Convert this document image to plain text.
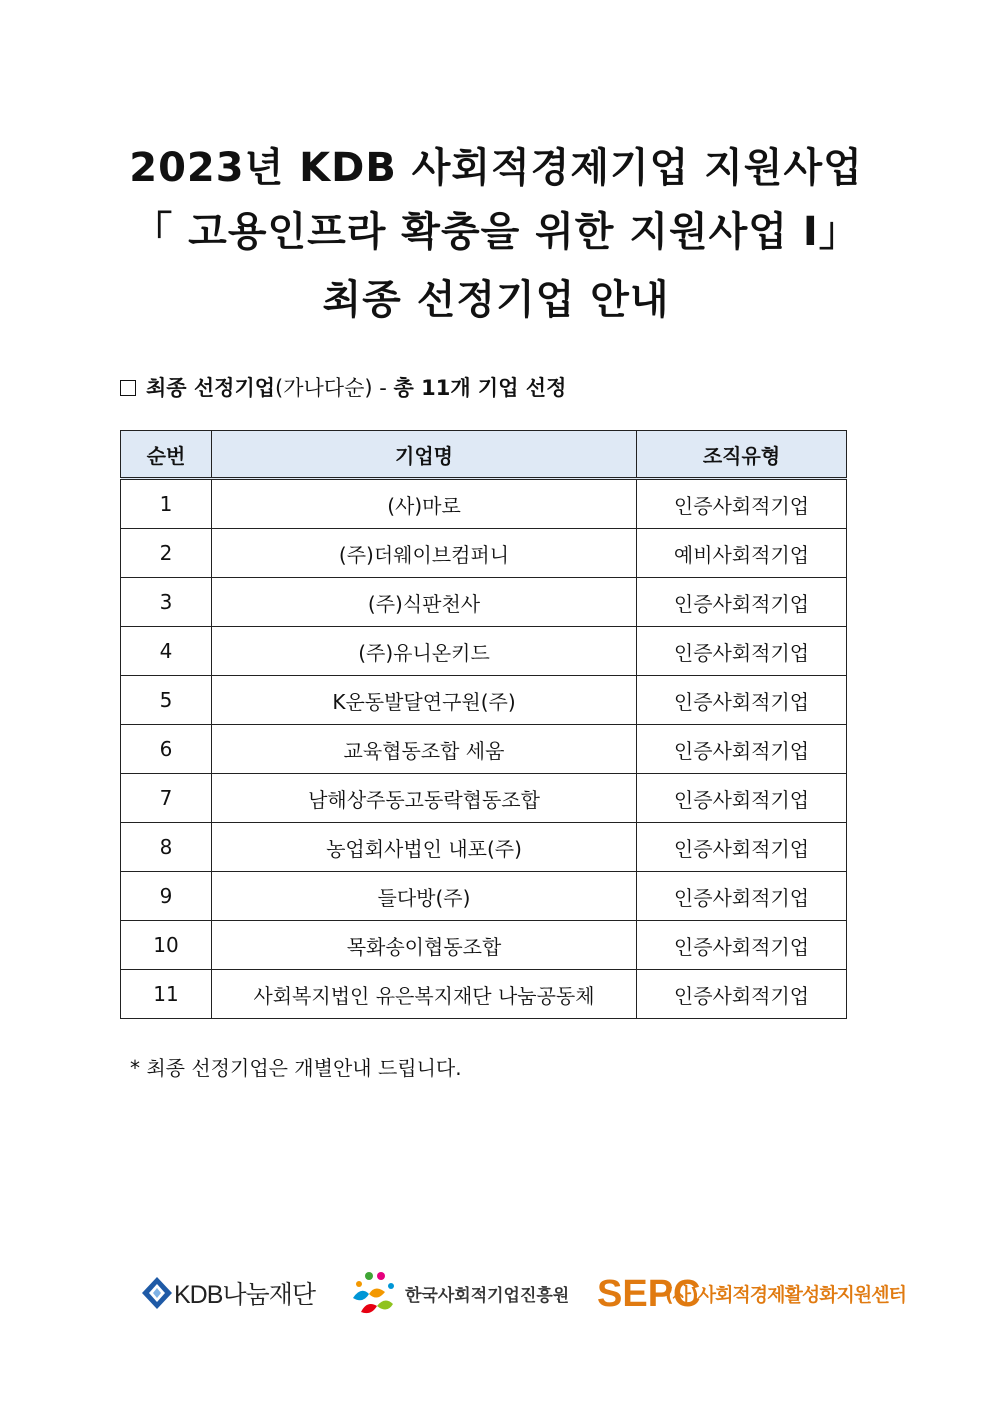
2023년 KDB 사회적경제기업 지원사업
「 고용인프라 확충을 위한 지원사업 Ⅰ」
최종 선정기업 안내
최종 선정기업(가나다순) - 총 11개 기업 선정
순번	기업명	조직유형
1	(사)마로	인증사회적기업
2	(주)더웨이브컴퍼니	예비사회적기업
3	(주)식판천사	인증사회적기업
4	(주)유니온키드	인증사회적기업
5	K운동발달연구원(주)	인증사회적기업
6	교육협동조합 세움	인증사회적기업
7	남해상주동고동락협동조합	인증사회적기업
8	농업회사법인 내포(주)	인증사회적기업
9	들다방(주)	인증사회적기업
10	목화송이협동조합	인증사회적기업
11	사회복지법인 유은복지재단 나눔공동체	인증사회적기업
* 최종 선정기업은 개별안내 드립니다.
KDB나눔재단	한국사회적기업진흥원 SEPC
(사)사회적경제활성화지원센터
